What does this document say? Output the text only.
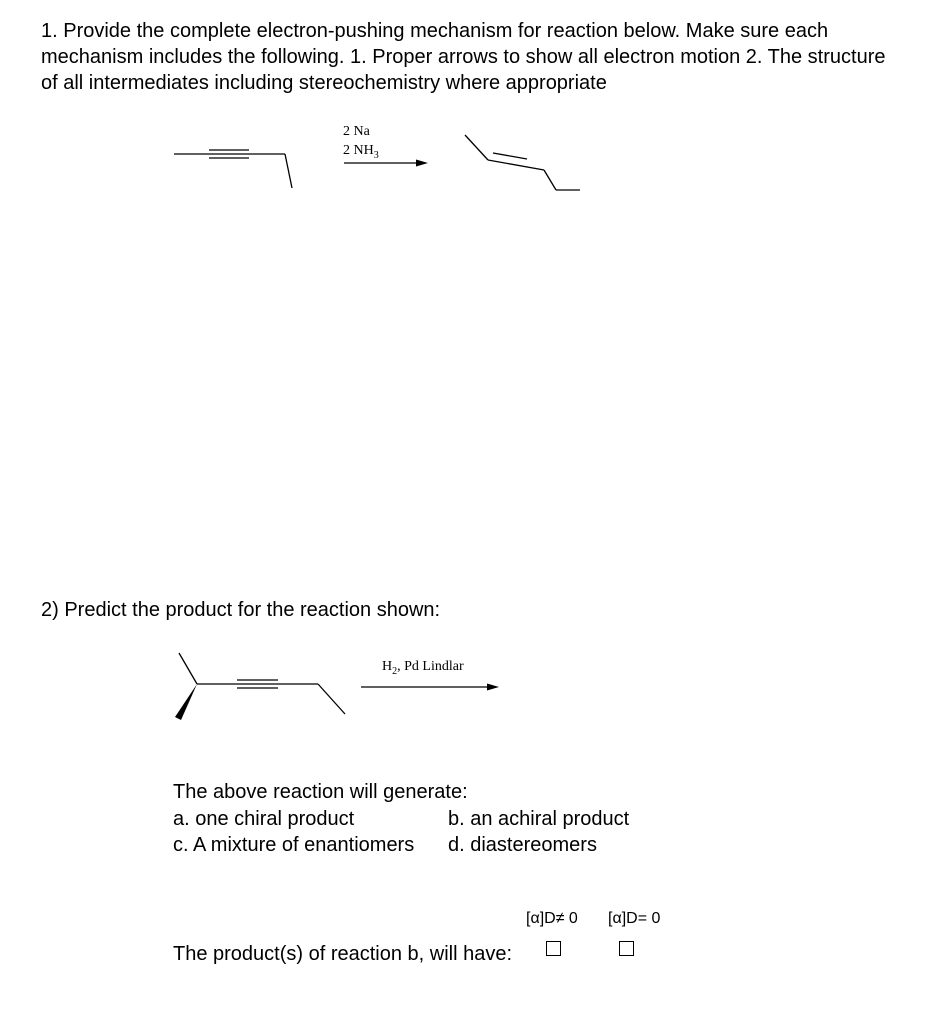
1. Provide the complete electron-pushing mechanism for reaction below. Make sure each mechanism includes the following. 1. Proper arrows to show all electron motion 2. The structure of all intermediates including stereochemistry where appropriate
2 Na
2 $NH_3$
2) Predict the product for the reaction shown:
$H_2$, Pd Lindlar
The above reaction will generate:
a. one chiral product	b. an achiral product
c. A mixture of enantiomers d. diastereomers
[α]D≠ 0 [α]D= 0
The product(s) of reaction b, will have:
